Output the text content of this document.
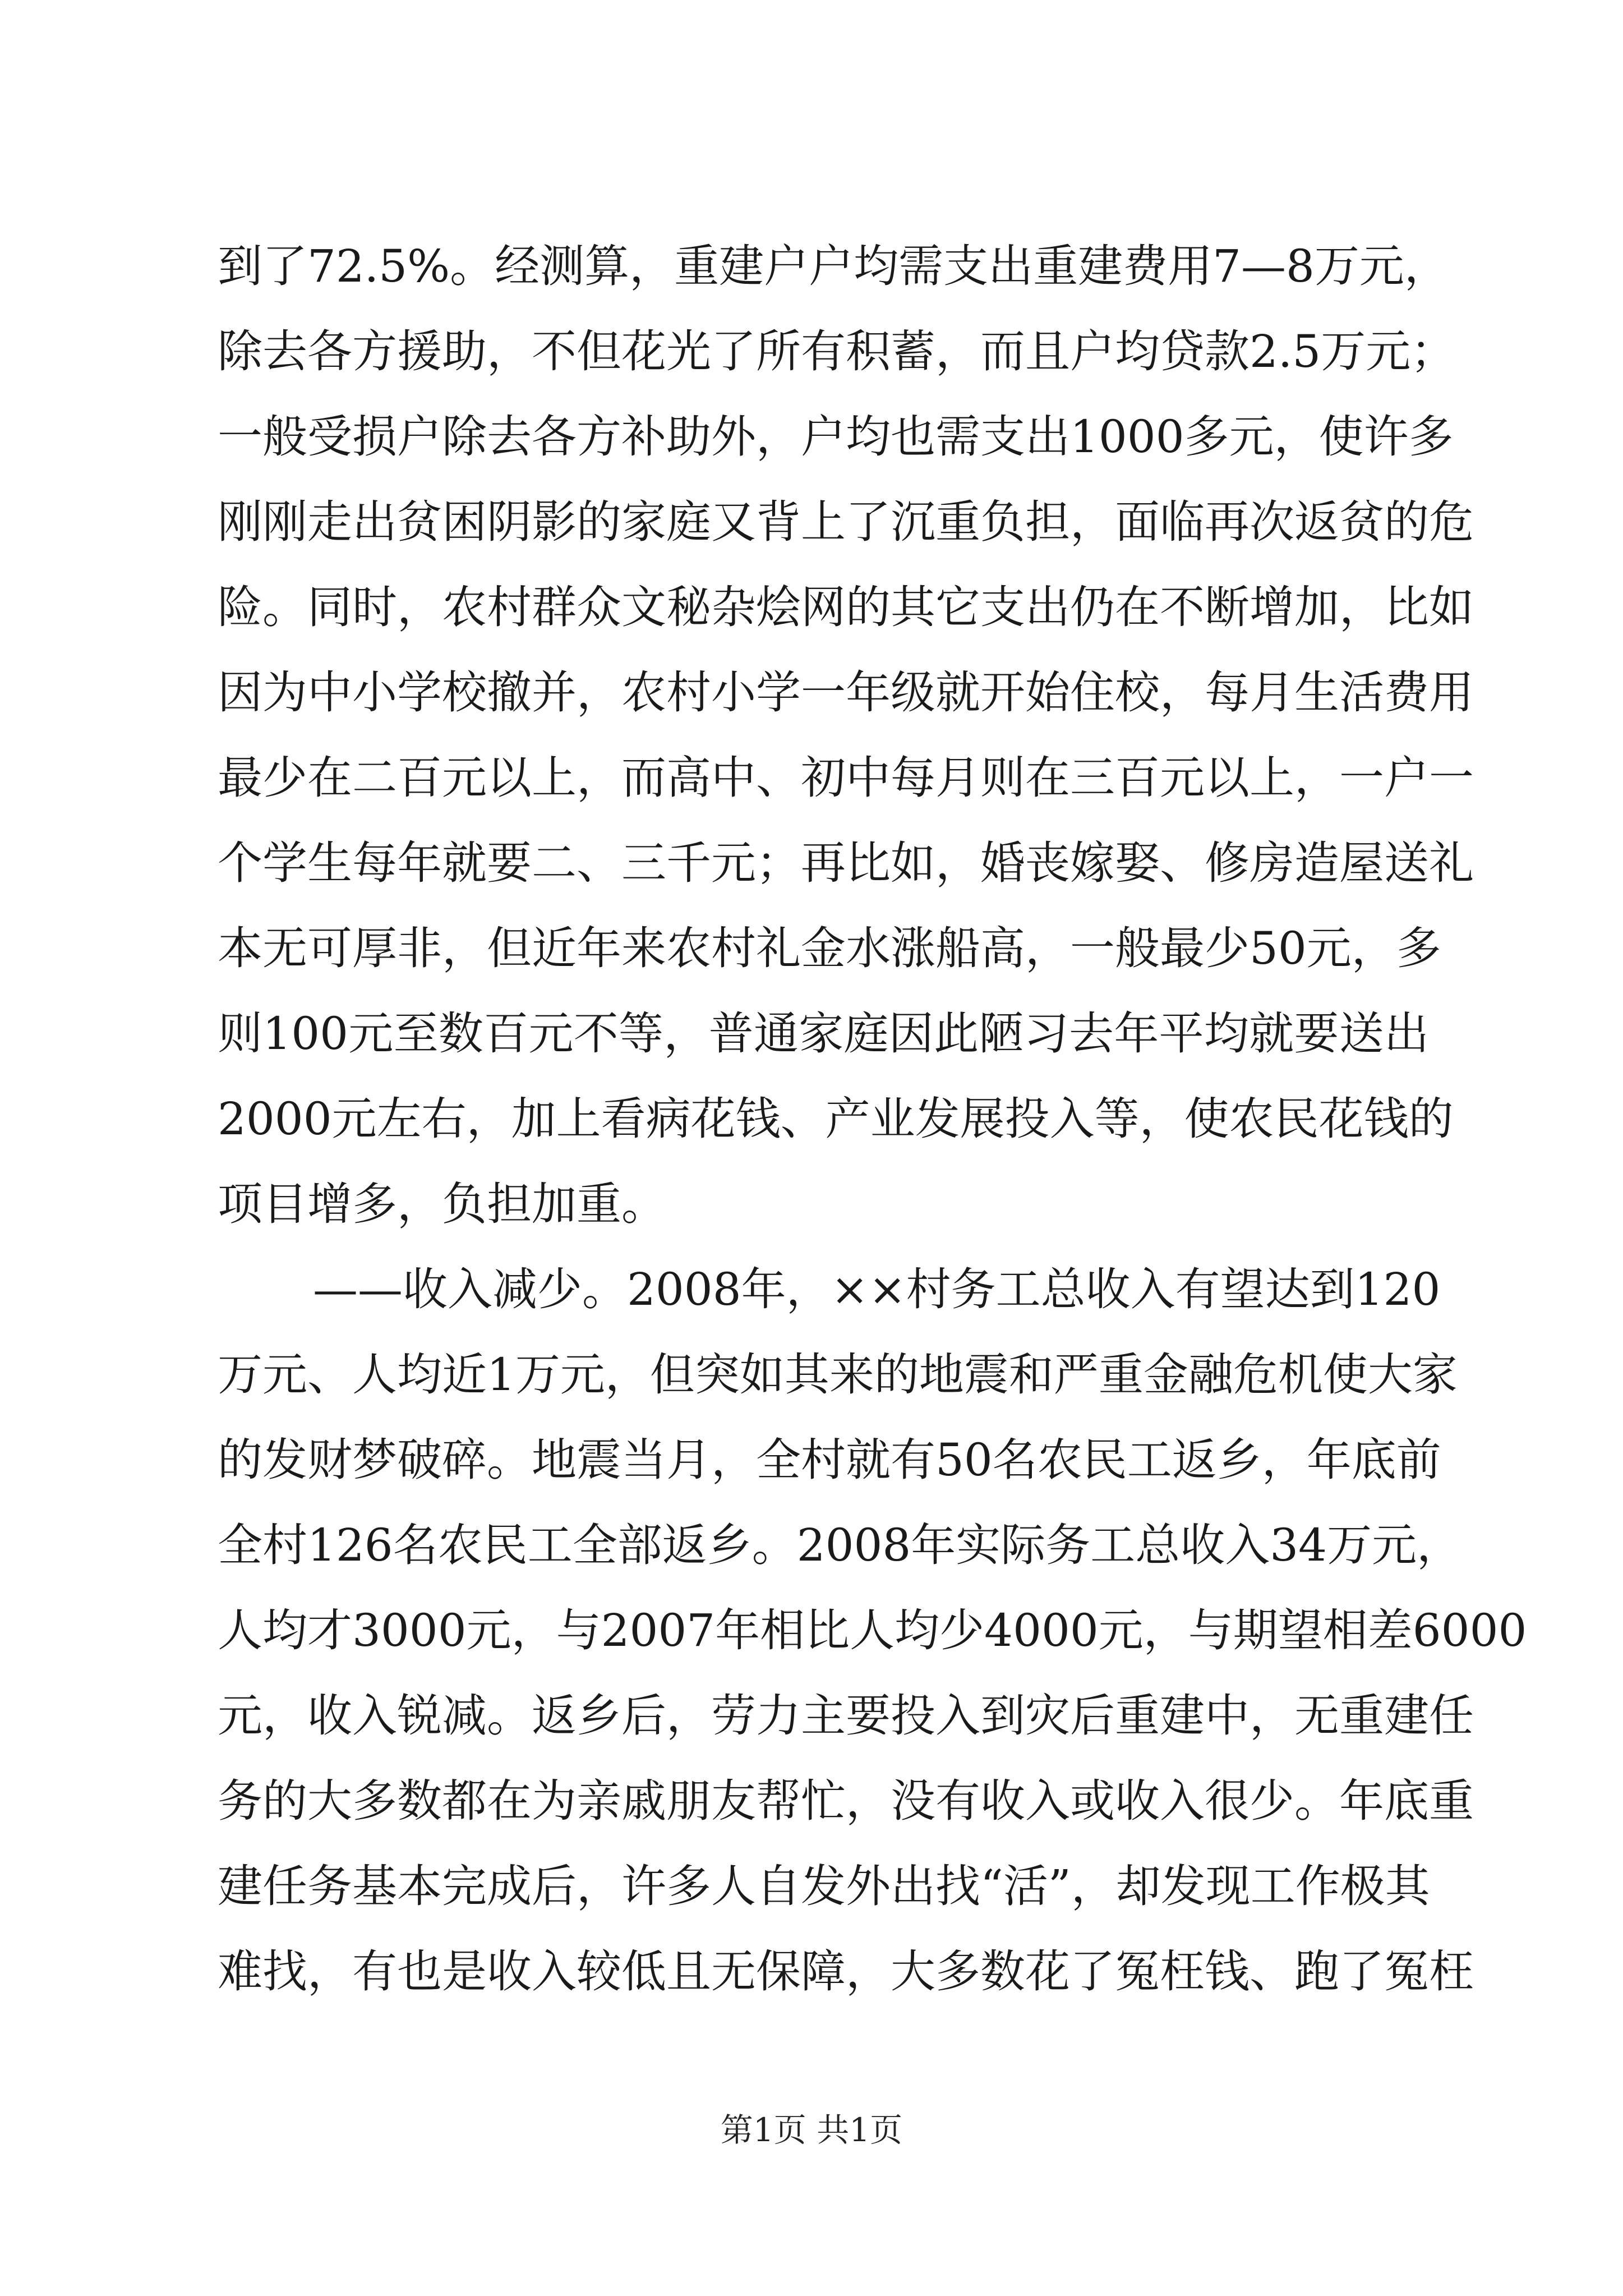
到了72.5%。经测算，重建户户均需支出重建费用7—8万元，
除去各方援助，不但花光了所有积蓄，而且户均贷款2.5万元；
一般受损户除去各方补助外，户均也需支出1000多元，使许多
刚刚走出贫困阴影的家庭又背上了沉重负担，面临再次返贫的危
险。同时，农村群众文秘杂烩网的其它支出仍在不断增加，比如
因为中小学校撤并，农村小学一年级就开始住校，每月生活费用
最少在二百元以上，而高中、初中每月则在三百元以上，一户一
个学生每年就要二、三千元；再比如，婚丧嫁娶、修房造屋送礼
本无可厚非，但近年来农村礼金水涨船高，一般最少50元，多
则100元至数百元不等，普通家庭因此陋习去年平均就要送出
2000元左右，加上看病花钱、产业发展投入等，使农民花钱的
项目增多，负担加重。
——收入减少。2008年，××村务工总收入有望达到120
万元、人均近1万元，但突如其来的地震和严重金融危机使大家
的发财梦破碎。地震当月，全村就有50名农民工返乡，年底前
全村126名农民工全部返乡。2008年实际务工总收入34万元，
人均才3000元，与2007年相比人均少4000元，与期望相差6000
元，收入锐减。返乡后，劳力主要投入到灾后重建中，无重建任
务的大多数都在为亲戚朋友帮忙，没有收入或收入很少。年底重
建任务基本完成后，许多人自发外出找“活”，却发现工作极其
难找，有也是收入较低且无保障，大多数花了冤枉钱、跑了冤枉
第1页 共1页
